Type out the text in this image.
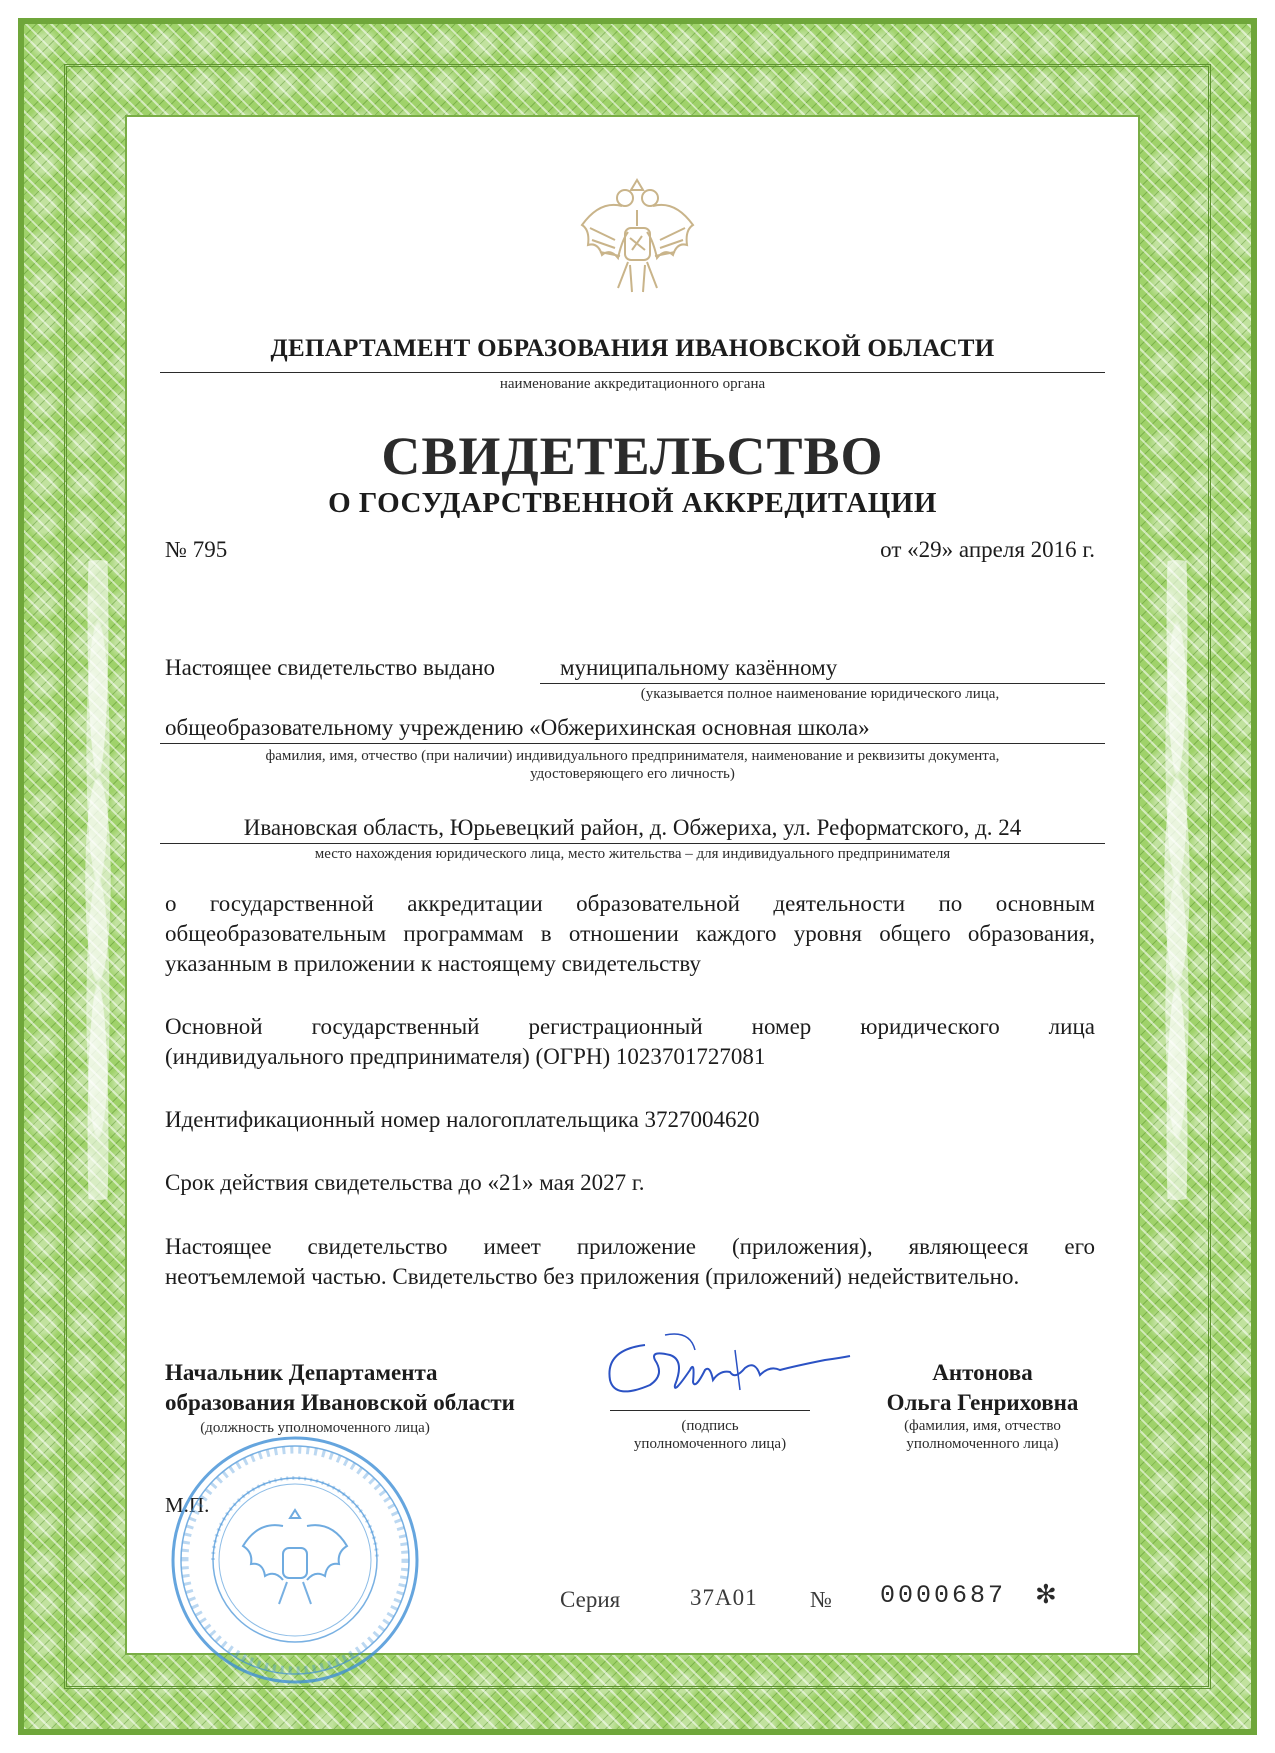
ДЕПАРТАМЕНТ ОБРАЗОВАНИЯ ИВАНОВСКОЙ ОБЛАСТИ
наименование аккредитационного органа
СВИДЕТЕЛЬСТВО
О ГОСУДАРСТВЕННОЙ АККРЕДИТАЦИИ
№ 795	от «29» апреля 2016 г.
Настоящее свидетельство выдано	муниципальному казённому
(указывается полное наименование юридического лица,
общеобразовательному учреждению «Обжерихинская основная школа»
фамилия, имя, отчество (при наличии) индивидуального предпринимателя, наименование и реквизиты документа,
удостоверяющего его личность)
Ивановская область, Юрьевецкий район, д. Обжериха, ул. Реформатского, д. 24
место нахождения юридического лица, место жительства – для индивидуального предпринимателя
о государственной аккредитации образовательной деятельности по основным
общеобразовательным программам в отношении каждого уровня общего образования,
указанным в приложении к настоящему свидетельству
Основной государственный регистрационный номер юридического лица
(индивидуального предпринимателя) (ОГРН) 1023701727081
Идентификационный номер налогоплательщика 3727004620
Срок действия свидетельства до «21» мая 2027 г.
Настоящее свидетельство имеет приложение (приложения), являющееся его
неотъемлемой частью. Свидетельство без приложения (приложений) недействительно.
Начальник Департамента
образования Ивановской области
(должность уполномоченного лица)	(подпись
уполномоченного лица)
Антонова
Ольга Генриховна
(фамилия, имя, отчество
уполномоченного лица)
М.П.
Серия	37А01 № 0000687 ✻
